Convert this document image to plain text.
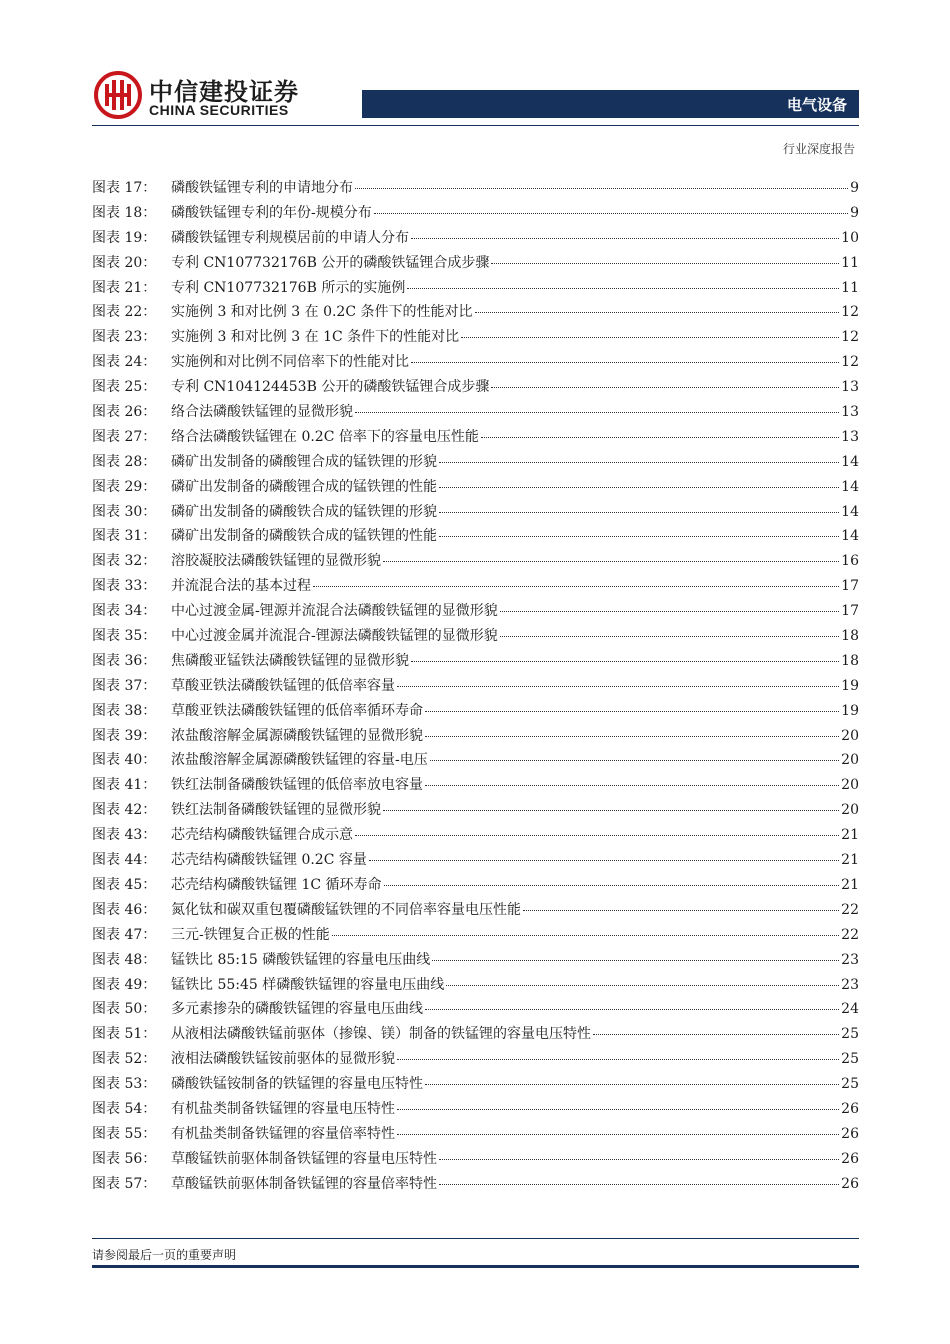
中信建投证券
CHINA SECURITIES	电气设备
行业深度报告
图表 17：	磷酸铁锰锂专利的申请地分布	9
图表 18：	磷酸铁锰锂专利的年份-规模分布	9
图表 19：	磷酸铁锰锂专利规模居前的申请人分布	10
图表 20：	专利 CN107732176B 公开的磷酸铁锰锂合成步骤	11
图表 21：	专利 CN107732176B 所示的实施例	11
图表 22：	实施例 3 和对比例 3 在 0.2C 条件下的性能对比	12
图表 23：	实施例 3 和对比例 3 在 1C 条件下的性能对比	12
图表 24：	实施例和对比例不同倍率下的性能对比	12
图表 25：	专利 CN104124453B 公开的磷酸铁锰锂合成步骤	13
图表 26：	络合法磷酸铁锰锂的显微形貌	13
图表 27：	络合法磷酸铁锰锂在 0.2C 倍率下的容量电压性能	13
图表 28：	磷矿出发制备的磷酸锂合成的锰铁锂的形貌	14
图表 29：	磷矿出发制备的磷酸锂合成的锰铁锂的性能	14
图表 30：	磷矿出发制备的磷酸铁合成的锰铁锂的形貌	14
图表 31：	磷矿出发制备的磷酸铁合成的锰铁锂的性能	14
图表 32：	溶胶凝胶法磷酸铁锰锂的显微形貌	16
图表 33：	并流混合法的基本过程	17
图表 34：	中心过渡金属-锂源并流混合法磷酸铁锰锂的显微形貌	17
图表 35：	中心过渡金属并流混合-锂源法磷酸铁锰锂的显微形貌	18
图表 36：	焦磷酸亚锰铁法磷酸铁锰锂的显微形貌	18
图表 37：	草酸亚铁法磷酸铁锰锂的低倍率容量	19
图表 38：	草酸亚铁法磷酸铁锰锂的低倍率循环寿命	19
图表 39：	浓盐酸溶解金属源磷酸铁锰锂的显微形貌	20
图表 40：	浓盐酸溶解金属源磷酸铁锰锂的容量-电压	20
图表 41：	铁红法制备磷酸铁锰锂的低倍率放电容量	20
图表 42：	铁红法制备磷酸铁锰锂的显微形貌	20
图表 43：	芯壳结构磷酸铁锰锂合成示意	21
图表 44：	芯壳结构磷酸铁锰锂 0.2C 容量	21
图表 45：	芯壳结构磷酸铁锰锂 1C 循环寿命	21
图表 46：	氮化钛和碳双重包覆磷酸锰铁锂的不同倍率容量电压性能	22
图表 47：	三元-铁锂复合正极的性能	22
图表 48：	锰铁比 85:15 磷酸铁锰锂的容量电压曲线	23
图表 49：	锰铁比 55:45 样磷酸铁锰锂的容量电压曲线	23
图表 50：	多元素掺杂的磷酸铁锰锂的容量电压曲线	24
图表 51：	从液相法磷酸铁锰前驱体（掺镍、镁）制备的铁锰锂的容量电压特性	25
图表 52：	液相法磷酸铁锰铵前驱体的显微形貌	25
图表 53：	磷酸铁锰铵制备的铁锰锂的容量电压特性	25
图表 54：	有机盐类制备铁锰锂的容量电压特性	26
图表 55：	有机盐类制备铁锰锂的容量倍率特性	26
图表 56：	草酸锰铁前驱体制备铁锰锂的容量电压特性	26
图表 57：	草酸锰铁前驱体制备铁锰锂的容量倍率特性	26
请参阅最后一页的重要声明
